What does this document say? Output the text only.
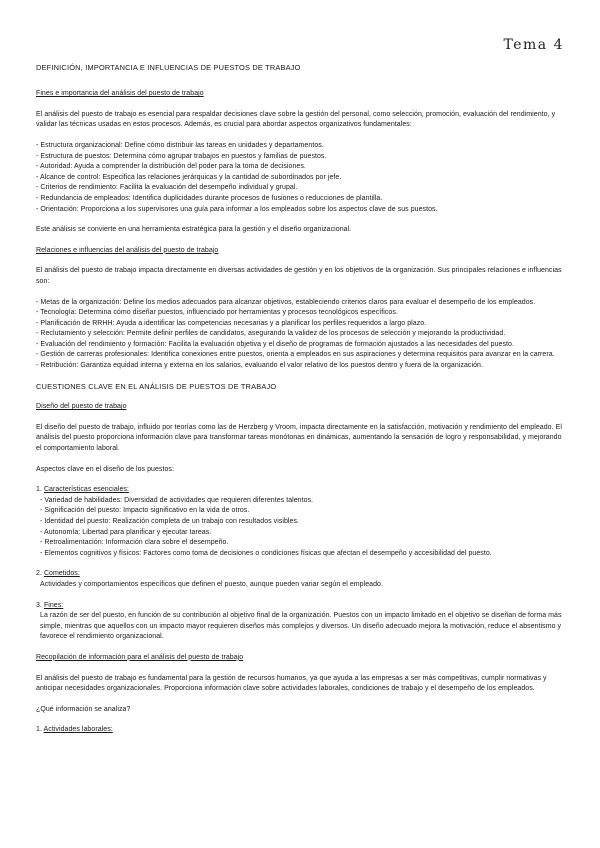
Tema 4

DEFINICIÓN, IMPORTANCIA E INFLUENCIAS DE PUESTOS DE TRABAJO

Fines e importancia del análisis del puesto de trabajo

El análisis del puesto de trabajo es esencial para respaldar decisiones clave sobre la gestión del personal, como selección, promoción, evaluación del rendimiento, y validar las técnicas usadas en estos procesos. Además, es crucial para abordar aspectos organizativos fundamentales:

- Estructura organizacional: Define cómo distribuir las tareas en unidades y departamentos.

- Estructura de puestos: Determina cómo agrupar trabajos en puestos y familias de puestos.

- Autoridad: Ayuda a comprender la distribución del poder para la toma de decisiones.

- Alcance de control: Especifica las relaciones jerárquicas y la cantidad de subordinados por jefe.

- Criterios de rendimiento: Facilita la evaluación del desempeño individual y grupal.

- Redundancia de empleados: Identifica duplicidades durante procesos de fusiones o reducciones de plantilla.

- Orientación: Proporciona a los supervisores una guía para informar a los empleados sobre los aspectos clave de sus puestos.

Este análisis se convierte en una herramienta estratégica para la gestión y el diseño organizacional.

Relaciones e influencias del análisis del puesto de trabajo

El análisis del puesto de trabajo impacta directamente en diversas actividades de gestión y en los objetivos de la organización. Sus principales relaciones e influencias son:

- Metas de la organización: Define los medios adecuados para alcanzar objetivos, estableciendo criterios claros para evaluar el desempeño de los empleados.

- Tecnología: Determina cómo diseñar puestos, influenciado por herramientas y procesos tecnológicos específicos.

- Planificación de RRHH: Ayuda a identificar las competencias necesarias y a planificar los perfiles requeridos a largo plazo.

- Reclutamiento y selección: Permite definir perfiles de candidatos, asegurando la validez de los procesos de selección y mejorando la productividad.

- Evaluación del rendimiento y formación: Facilita la evaluación objetiva y el diseño de programas de formación ajustados a las necesidades del puesto.

- Gestión de carreras profesionales: Identifica conexiones entre puestos, orienta a empleados en sus aspiraciones y determina requisitos para avanzar en la carrera.

- Retribución: Garantiza equidad interna y externa en los salarios, evaluando el valor relativo de los puestos dentro y fuera de la organización.

CUESTIONES CLAVE EN EL ANÁLISIS DE PUESTOS DE TRABAJO

Diseño del puesto de trabajo

El diseño del puesto de trabajo, influido por teorías como las de Herzberg y Vroom, impacta directamente en la satisfacción, motivación y rendimiento del empleado. El análisis del puesto proporciona información clave para transformar tareas monótonas en dinámicas, aumentando la sensación de logro y responsabilidad, y mejorando el comportamiento laboral.

Aspectos clave en el diseño de los puestos:

1. Características esenciales:

- Variedad de habilidades: Diversidad de actividades que requieren diferentes talentos.

- Significación del puesto: Impacto significativo en la vida de otros.

- Identidad del puesto: Realización completa de un trabajo con resultados visibles.

- Autonomía: Libertad para planificar y ejecutar tareas.

- Retroalimentación: Información clara sobre el desempeño.

- Elementos cognitivos y físicos: Factores como toma de decisiones o condiciones físicas que afectan el desempeño y accesibilidad del puesto.

2. Cometidos:

Actividades y comportamientos específicos que definen el puesto, aunque pueden variar según el empleado.

3. Fines:

La razón de ser del puesto, en función de su contribución al objetivo final de la organización. Puestos con un impacto limitado en el objetivo se diseñan de forma más simple, mientras que aquellos con un impacto mayor requieren diseños más complejos y diversos. Un diseño adecuado mejora la motivación, reduce el absentismo y favorece el rendimiento organizacional.

Recopilación de información para el análisis del puesto de trabajo

El análisis del puesto de trabajo es fundamental para la gestión de recursos humanos, ya que ayuda a las empresas a ser más competitivas, cumplir normativas y anticipar necesidades organizacionales. Proporciona información clave sobre actividades laborales, condiciones de trabajo y el desempeño de los empleados.

¿Qué información se analiza?

1. Actividades laborales:
